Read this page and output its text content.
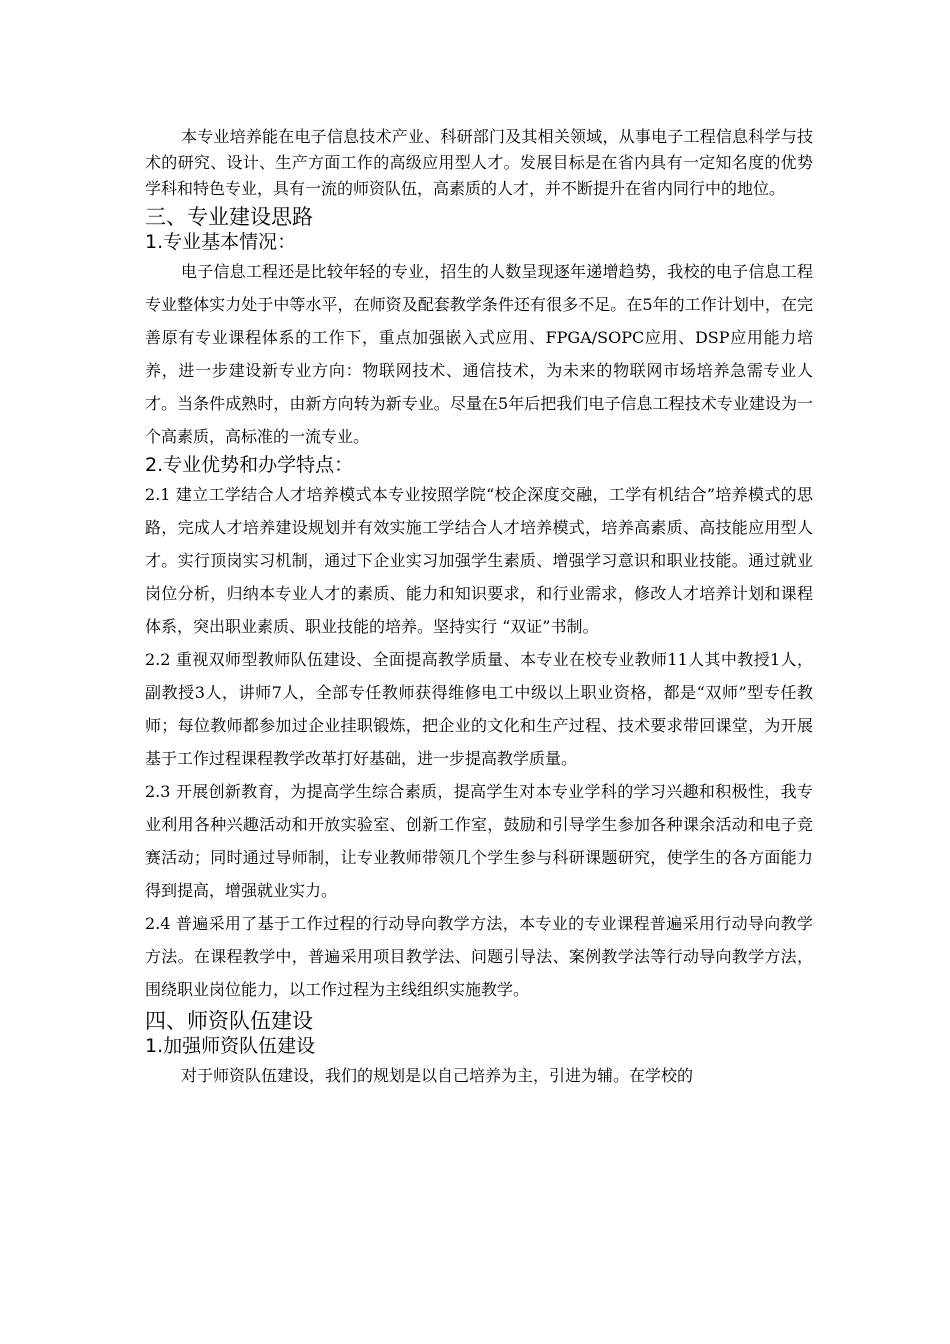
本专业培养能在电子信息技术产业、科研部门及其相关领域，从事电子工程信息科学与技术的研究、设计、生产方面工作的高级应用型人才。发展目标是在省内具有一定知名度的优势学科和特色专业，具有一流的师资队伍，高素质的人才，并不断提升在省内同行中的地位。

三、专业建设思路
1.专业基本情况：

电子信息工程还是比较年轻的专业，招生的人数呈现逐年递增趋势，我校的电子信息工程专业整体实力处于中等水平，在师资及配套教学条件还有很多不足。在5年的工作计划中，在完善原有专业课程体系的工作下，重点加强嵌入式应用、FPGA/SOPC应用、DSP应用能力培养，进一步建设新专业方向：物联网技术、通信技术，为未来的物联网市场培养急需专业人才。当条件成熟时，由新方向转为新专业。尽量在5年后把我们电子信息工程技术专业建设为一个高素质，高标准的一流专业。

2.专业优势和办学特点：

2.1 建立工学结合人才培养模式本专业按照学院“校企深度交融，工学有机结合”培养模式的思路，完成人才培养建设规划并有效实施工学结合人才培养模式，培养高素质、高技能应用型人才。实行顶岗实习机制，通过下企业实习加强学生素质、增强学习意识和职业技能。通过就业岗位分析，归纳本专业人才的素质、能力和知识要求，和行业需求，修改人才培养计划和课程体系，突出职业素质、职业技能的培养。坚持实行 “双证”书制。

2.2 重视双师型教师队伍建设、全面提高教学质量、本专业在校专业教师11人其中教授1人，副教授3人，讲师7人，全部专任教师获得维修电工中级以上职业资格，都是“双师”型专任教师；每位教师都参加过企业挂职锻炼，把企业的文化和生产过程、技术要求带回课堂，为开展基于工作过程课程教学改革打好基础，进一步提高教学质量。

2.3 开展创新教育，为提高学生综合素质，提高学生对本专业学科的学习兴趣和积极性，我专业利用各种兴趣活动和开放实验室、创新工作室，鼓励和引导学生参加各种课余活动和电子竞赛活动；同时通过导师制，让专业教师带领几个学生参与科研课题研究，使学生的各方面能力得到提高，增强就业实力。

2.4 普遍采用了基于工作过程的行动导向教学方法，本专业的专业课程普遍采用行动导向教学方法。在课程教学中，普遍采用项目教学法、问题引导法、案例教学法等行动导向教学方法，围绕职业岗位能力，以工作过程为主线组织实施教学。

四、师资队伍建设
1.加强师资队伍建设

对于师资队伍建设，我们的规划是以自己培养为主，引进为辅。在学校的
